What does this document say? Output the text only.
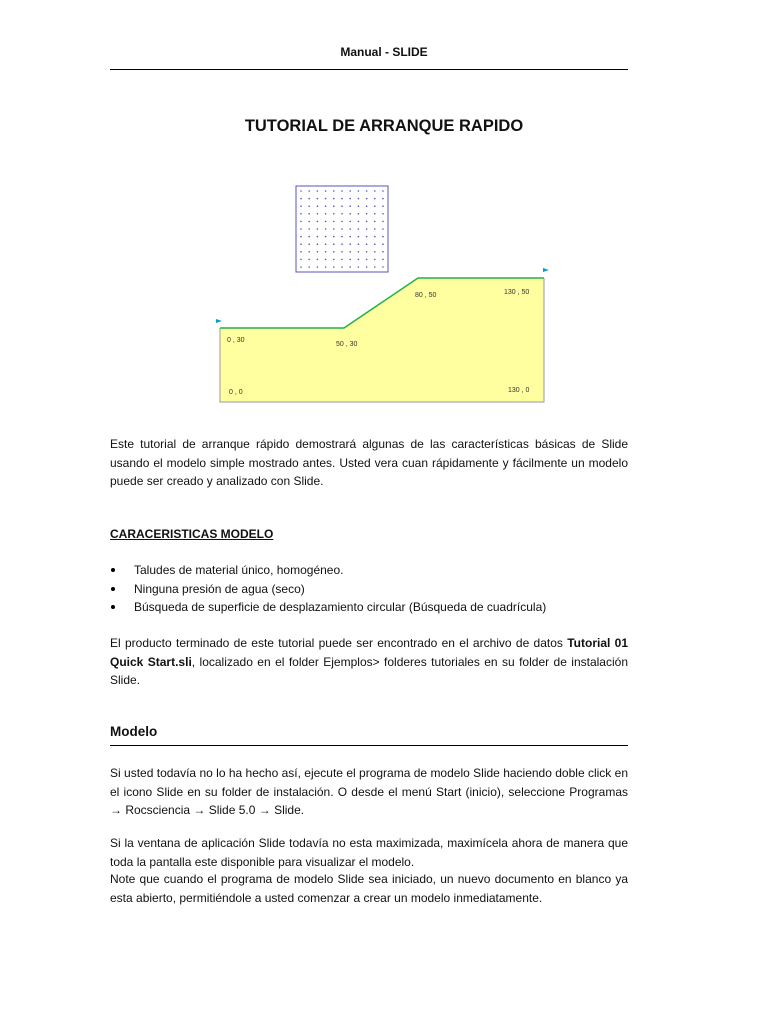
Manual - SLIDE
TUTORIAL DE ARRANQUE RAPIDO
0 , 30
50 , 30
80 , 50	130 , 50
0 , 0	130 , 0
Este tutorial de arranque rápido demostrará algunas de las características básicas de Slide usando el modelo simple mostrado antes. Usted vera cuan rápidamente y fácilmente un modelo puede ser creado y analizado con Slide.
CARACERISTICAS MODELO
Taludes de material único, homogéneo.
Ninguna presión de agua (seco)
Búsqueda de superficie de desplazamiento circular (Búsqueda de cuadrícula)
El producto terminado de este tutorial puede ser encontrado en el archivo de datos Tutorial 01 Quick Start.sli, localizado en el folder Ejemplos> folderes tutoriales en su folder de instalación Slide.
Modelo
Si usted todavía no lo ha hecho así, ejecute el programa de modelo Slide haciendo doble click en el icono Slide en su folder de instalación. O desde el menú Start (inicio), seleccione Programas → Rocsciencia → Slide 5.0 → Slide.
Si la ventana de aplicación Slide todavía no esta maximizada, maximícela ahora de manera que toda la pantalla este disponible para visualizar el modelo.
Note que cuando el programa de modelo Slide sea iniciado, un nuevo documento en blanco ya esta abierto, permitiéndole a usted comenzar a crear un modelo inmediatamente.
